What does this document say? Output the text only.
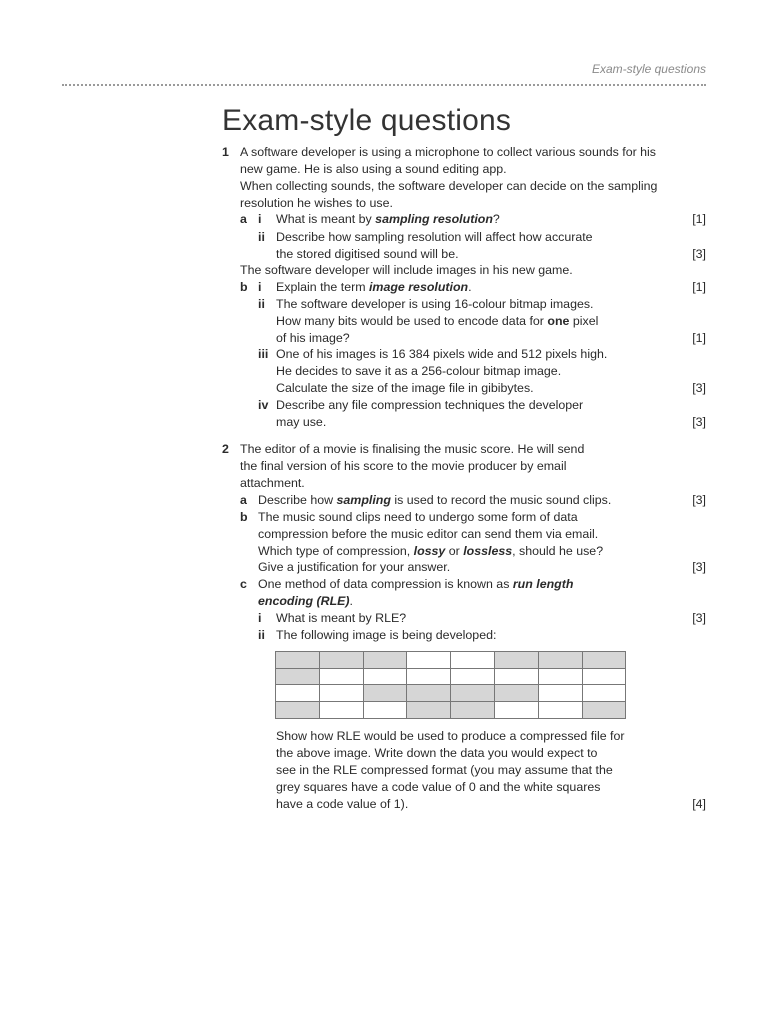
Exam-style questions
Exam-style questions
1 A software developer is using a microphone to collect various sounds for his
new game. He is also using a sound editing app.
When collecting sounds, the software developer can decide on the sampling
resolution he wishes to use.
a i What is meant by sampling resolution?	[1]
ii Describe how sampling resolution will affect how accurate
the stored digitised sound will be.	[3]
The software developer will include images in his new game.
b i Explain the term image resolution.	[1]
ii The software developer is using 16-colour bitmap images.
How many bits would be used to encode data for one pixel
of his image?	[1]
iii One of his images is 16 384 pixels wide and 512 pixels high.
He decides to save it as a 256-colour bitmap image.
Calculate the size of the image file in gibibytes.	[3]
iv Describe any file compression techniques the developer
may use.	[3]
2 The editor of a movie is finalising the music score. He will send
the final version of his score to the movie producer by email
attachment.
a Describe how sampling is used to record the music sound clips.	[3]
b The music sound clips need to undergo some form of data
compression before the music editor can send them via email.
Which type of compression, lossy or lossless, should he use?
Give a justification for your answer.	[3]
c One method of data compression is known as run length
encoding (RLE).
i What is meant by RLE?	[3]
ii The following image is being developed:

Show how RLE would be used to produce a compressed file for
the above image. Write down the data you would expect to
see in the RLE compressed format (you may assume that the
grey squares have a code value of 0 and the white squares
have a code value of 1).	[4]
